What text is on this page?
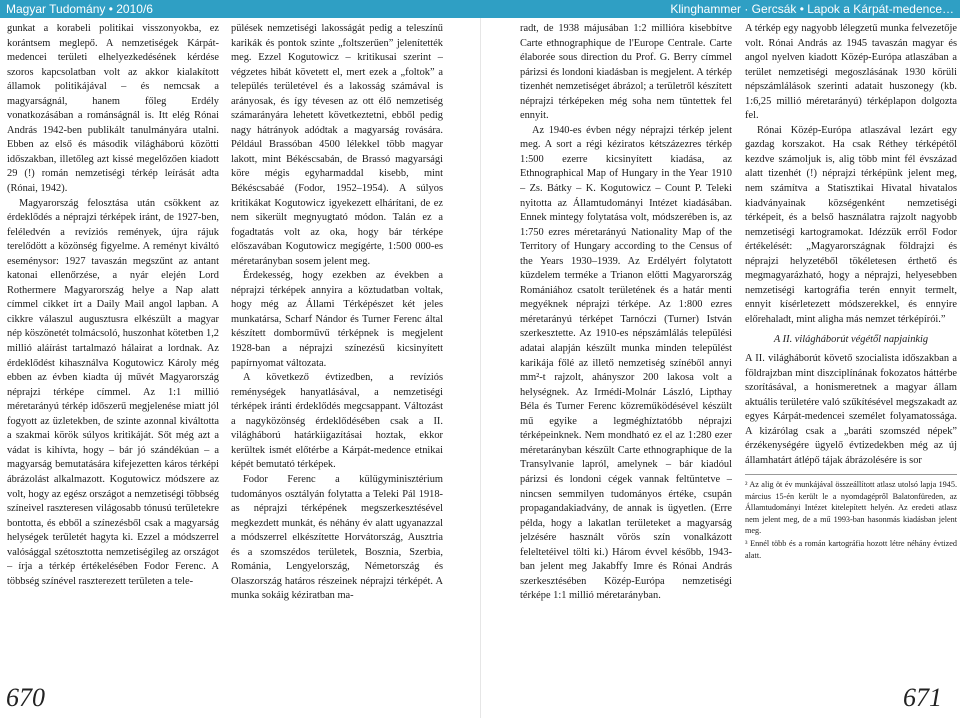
Magyar Tudomány • 2010/6	Klinghammer · Gercsák • Lapok a Kárpát-medence…

gunkat a korabeli politikai visszonyokba, ez korántsem meglepő. A nemzetiségek Kárpát-medencei területi elhelyezkedésének kérdése szoros kapcsolatban volt az akkor kialakított államok politikájával – és nemcsak a magyarságnál, hanem főleg Erdély vonatkozásában a románságnál is. Itt elég Rónai András 1942-ben publikált tanulmányára utalni. Ebben az első és második világháború közötti időszakban, illetőleg azt kissé megelőzően kiadott 29 (!) román nemzetiségi térkép leírását adta (Rónai, 1942).

Magyarország felosztása után csökkent az érdeklődés a néprajzi térképek iránt, de 1927-ben, feléledvén a revíziós remények, újra rájuk terelődött a közönség figyelme. A reményt kiváltó eseménysor: 1927 tavaszán megszűnt az antant katonai ellenőrzése, a nyár elején Lord Rothermere Magyarország helye a Nap alatt címmel cikket írt a Daily Mail angol lapban. A cikkre válaszul augusztusra elkészült a magyar nép köszönetét tolmácsoló, huszonhat kötetben 1,2 millió aláírást tartalmazó hálairat a lordnak. Az érdeklődést kihasználva Kogutowicz Károly még ebben az évben kiadta új művét Magyarország néprajzi térképe címmel. Az 1:1 millió méretarányú térkép időszerű megjelenése miatt jól fogyott az üzletekben, de szinte azonnal kiváltotta a szakmai körök súlyos kritikáját. Sőt még azt a vádat is kihívta, hogy – bár jó szándékúan – a magyarság bemutatására kifejezetten káros térképi ábrázolást alkalmazott. Kogutowicz módszere az volt, hogy az egész országot a nemzetiségi többség színeivel raszteresen világosabb tónusú területekre bontotta, és ebből a színezésből csak a magyarság helységek területét hagyta ki. Ezzel a módszerrel valósággal szétosztotta nemzetiségileg az országot – írja a térkép értékelésében Fodor Ferenc. A többség színével raszterezett területen a tele-

pülések nemzetiségi lakosságát pedig a teleszínű karikák és pontok szinte „foltszerűen” jelenítették meg. Ezzel Kogutowicz – kritikusai szerint – végzetes hibát követett el, mert ezek a „foltok” a település területével és a lakosság számával is arányosak, és így tévesen az ott élő nemzetiség számarányára lehetett következtetni, ebből pedig nagy hátrányok adódtak a magyarság rovására. Például Brassóban 4500 lélekkel több magyar lakott, mint Békéscsabán, de Brassó magyarsági köre mégis egyharmaddal kisebb, mint Békéscsabáé (Fodor, 1952–1954). A súlyos kritikákat Kogutowicz igyekezett elhárítani, de ez nem sikerült megnyugtató módon. Talán ez a fogadtatás volt az oka, hogy bár térképe előszavában Kogutowicz megígérte, 1:500 000-es méretarányban sosem jelent meg.

Érdekesség, hogy ezekben az években a néprajzi térképek annyira a köztudatban voltak, hogy még az Állami Térképészet két jeles munkatársa, Scharf Nándor és Turner Ferenc által készített domborművű térképnek is megjelent 1928-ban a néprajzi színezésű kicsinyített papírnyomat változata.

A következő évtizedben, a revíziós reménységek hanyatlásával, a nemzetiségi térképek iránti érdeklődés megcsappant. Változást a nagyközönség érdeklődésében csak a II. világháború határkiigazításai hoztak, ekkor kerültek ismét előtérbe a Kárpát-medence etnikai képét bemutató térképek.

Fodor Ferenc a külügyminisztérium tudományos osztályán folytatta a Teleki Pál 1918-as néprajzi térképének megszerkesztésével megkezdett munkát, és néhány év alatt ugyanazzal a módszerrel elkészítette Horvátország, Ausztria és a szomszédos területek, Bosznia, Szerbia, Románia, Lengyelország, Németország és Olaszország határos részeinek néprajzi térképét. A munka sokáig kéziratban ma-

radt, de 1938 májusában 1:2 millióra kisebbítve Carte ethnographique de l'Europe Centrale. Carte élaborée sous direction du Prof. G. Berry címmel párizsi és londoni kiadásban is megjelent. A térkép tizenhét nemzetiséget ábrázol; a területről készített néprajzi térképeken még soha nem tüntettek fel ennyit.

Az 1940-es évben négy néprajzi térkép jelent meg. A sort a régi kéziratos kétszázezres térkép 1:500 ezerre kicsinyített kiadása, az Ethnographical Map of Hungary in the Year 1910 – Zs. Bátky – K. Kogutowicz – Count P. Teleki nyitotta az Államtudományi Intézet kiadásában. Ennek mintegy folytatása volt, módszerében is, az 1:750 ezres méretarányú Nationality Map of the Territory of Hungary according to the Census of the Years 1930–1939. Az Erdélyért folytatott küzdelem terméke a Trianon előtti Magyarország Romániához csatolt területének és a határ menti megyéknek néprajzi térképe. Az 1:800 ezres méretarányú térképet Tarnóczi (Turner) István szerkesztette. Az 1910-es népszámlálás települési adatai alapján készült munka minden települést karikája főlé az illető nemzetiség színéből annyi mm²-t rajzolt, ahányszor 200 lakosa volt a helységnek. Az Irmédi-Molnár László, Lipthay Béla és Turner Ferenc közreműködésével készült mű egyike a legméghíztatóbb néprajzi térképeinknek. Nem mondható ez el az 1:280 ezer méretarányban készült Carte ethnographique de la Transylvanie lapról, amelynek – bár kiadóul párizsi és londoni cégek vannak feltüntetve – nincsen semmilyen tudományos értéke, csupán propagandakiadvány, de annak is ügyetlen. (Erre példa, hogy a lakatlan területeket a magyarság jelzésére használt vörös szín vonalkázott feleltetéivel tölti ki.) Három évvel később, 1943-ban jelent meg Jakabffy Imre és Rónai András szerkesztésében Közép-Európa nemzetiségi térképe 1:1 millió méretarányban.

A térkép egy nagyobb lélegzetű munka felvezetője volt. Rónai András az 1945 tavaszán magyar és angol nyelven kiadott Közép-Európa atlaszában a terület nemzetiségi megoszlásának 1930 körüli népszámlálások szerinti adatait huszonegy (kb. 1:6,25 millió méretarányú) térképlapon dolgozta fel.

Rónai Közép-Európa atlaszával lezárt egy gazdag korszakot. Ha csak Réthey térképétől kezdve számoljuk is, alig több mint fél évszázad alatt tizenhét (!) néprajzi térképünk jelent meg, nem számítva a Statisztikai Hivatal hivatalos kiadványainak községenként nemzetiségi térképeit, és a belső használatra rajzolt nagyobb nemzetiségi kartogramokat. Idézzük erről Fodor értékelését: „Magyarországnak földrajzi és néprajzi helyzetéből tökéletesen érthető és megmagyarázható, hogy a néprajzi, helyesebben nemzetiségi kartográfia terén ennyit termelt, ennyit kísérletezett módszerekkel, és ennyire előrehaladt, mint aligha más nemzet térképírói.”

A II. világháborút végétől napjainkig

A II. világháborút követő szocialista időszakban a földrajzban mint diszciplínának fokozatos háttérbe szorításával, a honismeretnek a magyar állam aktuális területére való szűkítésével megszakadt az egyes Kárpát-medencei személet folyamatossága. A kizárólag csak a „baráti szomszéd népek” érzékenységére ügyelő évtizedekben még az új államhatárt átlépő tájak ábrázolésére is sor

² Az alig öt év munkájával összeállított atlasz utolsó lapja 1945. március 15-én került le a nyomdagépről Balatonfüreden, az Államtudományi Intézet kitelepített helyén. Az eredeti atlasz nem jelent meg, de a mű 1993-ban hasonmás kiadásban jelent meg.

³ Ennél több és a román kartográfia hozott létre néhány évtized alatt.

670	671
